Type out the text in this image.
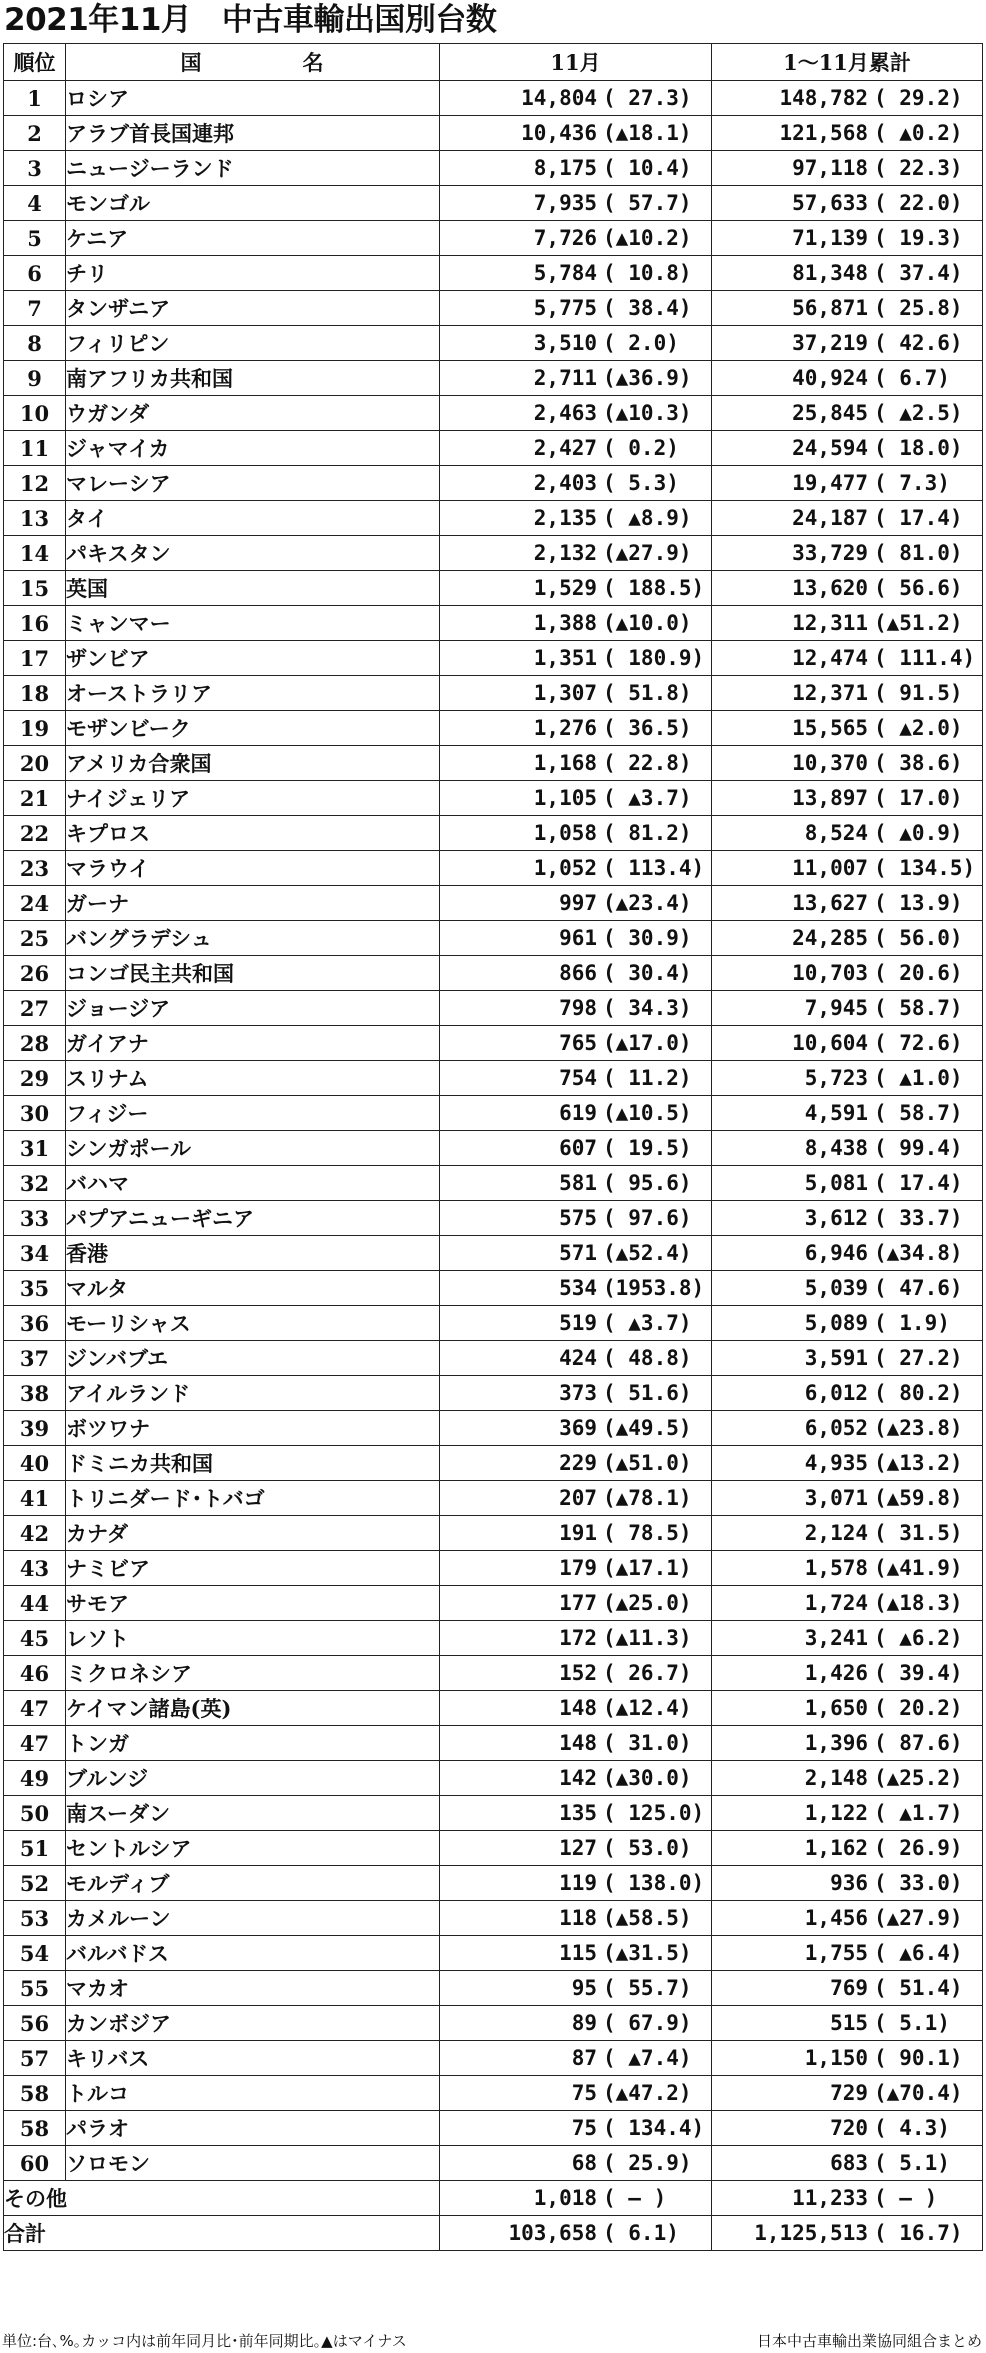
2021年11月　中古車輸出国別台数
順位	国 名	11月	1～11月累計
1	ロシア	14,804 ( 27.3)	148,782 ( 29.2)

2	アラブ首長国連邦	10,436 (▲18.1)	121,568 ( ▲0.2)

3	ニュージーランド	8,175 ( 10.4)	97,118 ( 22.3)

4	モンゴル	7,935 ( 57.7)	57,633 ( 22.0)

5	ケニア	7,726 (▲10.2)	71,139 ( 19.3)

6	チリ	5,784 ( 10.8)	81,348 ( 37.4)

7	タンザニア	5,775 ( 38.4)	56,871 ( 25.8)

8	フィリピン	3,510 ( 2.0)	37,219 ( 42.6)

9	南アフリカ共和国	2,711 (▲36.9)	40,924 ( 6.7)

10	ウガンダ	2,463 (▲10.3)	25,845 ( ▲2.5)

11	ジャマイカ	2,427 ( 0.2)	24,594 ( 18.0)

12	マレーシア	2,403 ( 5.3)	19,477 ( 7.3)

13	タイ	2,135 ( ▲8.9)	24,187 ( 17.4)

14	パキスタン	2,132 (▲27.9)	33,729 ( 81.0)

15	英国	1,529 ( 188.5)	13,620 ( 56.6)

16	ミャンマー	1,388 (▲10.0)	12,311 (▲51.2)

17	ザンビア	1,351 ( 180.9)	12,474 ( 111.4)

18	オーストラリア	1,307 ( 51.8)	12,371 ( 91.5)

19	モザンビーク	1,276 ( 36.5)	15,565 ( ▲2.0)

20	アメリカ合衆国	1,168 ( 22.8)	10,370 ( 38.6)

21	ナイジェリア	1,105 ( ▲3.7)	13,897 ( 17.0)

22	キプロス	1,058 ( 81.2)	8,524 ( ▲0.9)

23	マラウイ	1,052 ( 113.4)	11,007 ( 134.5)

24	ガーナ	997 (▲23.4)	13,627 ( 13.9)

25	バングラデシュ	961 ( 30.9)	24,285 ( 56.0)

26	コンゴ民主共和国	866 ( 30.4)	10,703 ( 20.6)

27	ジョージア	798 ( 34.3)	7,945 ( 58.7)

28	ガイアナ	765 (▲17.0)	10,604 ( 72.6)

29	スリナム	754 ( 11.2)	5,723 ( ▲1.0)

30	フィジー	619 (▲10.5)	4,591 ( 58.7)

31	シンガポール	607 ( 19.5)	8,438 ( 99.4)

32	バハマ	581 ( 95.6)	5,081 ( 17.4)

33	パプアニューギニア	575 ( 97.6)	3,612 ( 33.7)

34	香港	571 (▲52.4)	6,946 (▲34.8)

35	マルタ	534 (1953.8)	5,039 ( 47.6)

36	モーリシャス	519 ( ▲3.7)	5,089 ( 1.9)

37	ジンバブエ	424 ( 48.8)	3,591 ( 27.2)

38	アイルランド	373 ( 51.6)	6,012 ( 80.2)

39	ボツワナ	369 (▲49.5)	6,052 (▲23.8)

40	ドミニカ共和国	229 (▲51.0)	4,935 (▲13.2)

41	トリニダード･トバゴ	207 (▲78.1)	3,071 (▲59.8)

42	カナダ	191 ( 78.5)	2,124 ( 31.5)

43	ナミビア	179 (▲17.1)	1,578 (▲41.9)

44	サモア	177 (▲25.0)	1,724 (▲18.3)

45	レソト	172 (▲11.3)	3,241 ( ▲6.2)

46	ミクロネシア	152 ( 26.7)	1,426 ( 39.4)

47	ケイマン諸島(英)	148 (▲12.4)	1,650 ( 20.2)

47	トンガ	148 ( 31.0)	1,396 ( 87.6)

49	ブルンジ	142 (▲30.0)	2,148 (▲25.2)

50	南スーダン	135 ( 125.0)	1,122 ( ▲1.7)

51	セントルシア	127 ( 53.0)	1,162 ( 26.9)

52	モルディブ	119 ( 138.0)	936 ( 33.0)

53	カメルーン	118 (▲58.5)	1,456 (▲27.9)

54	バルバドス	115 (▲31.5)	1,755 ( ▲6.4)

55	マカオ	95 ( 55.7)	769 ( 51.4)

56	カンボジア	89 ( 67.9)	515 ( 5.1)

57	キリバス	87 ( ▲7.4)	1,150 ( 90.1)

58	トルコ	75 (▲47.2)	729 (▲70.4)

58	パラオ	75 ( 134.4)	720 ( 4.3)

60	ソロモン	68 ( 25.9)	683 ( 5.1)

その他		1,018 ( ― )	11,233 ( ― )

合計		103,658 ( 6.1)	1,125,513 ( 16.7)
単位:台､%｡カッコ内は前年同月比･前年同期比｡▲はマイナス	日本中古車輸出業協同組合まとめ
